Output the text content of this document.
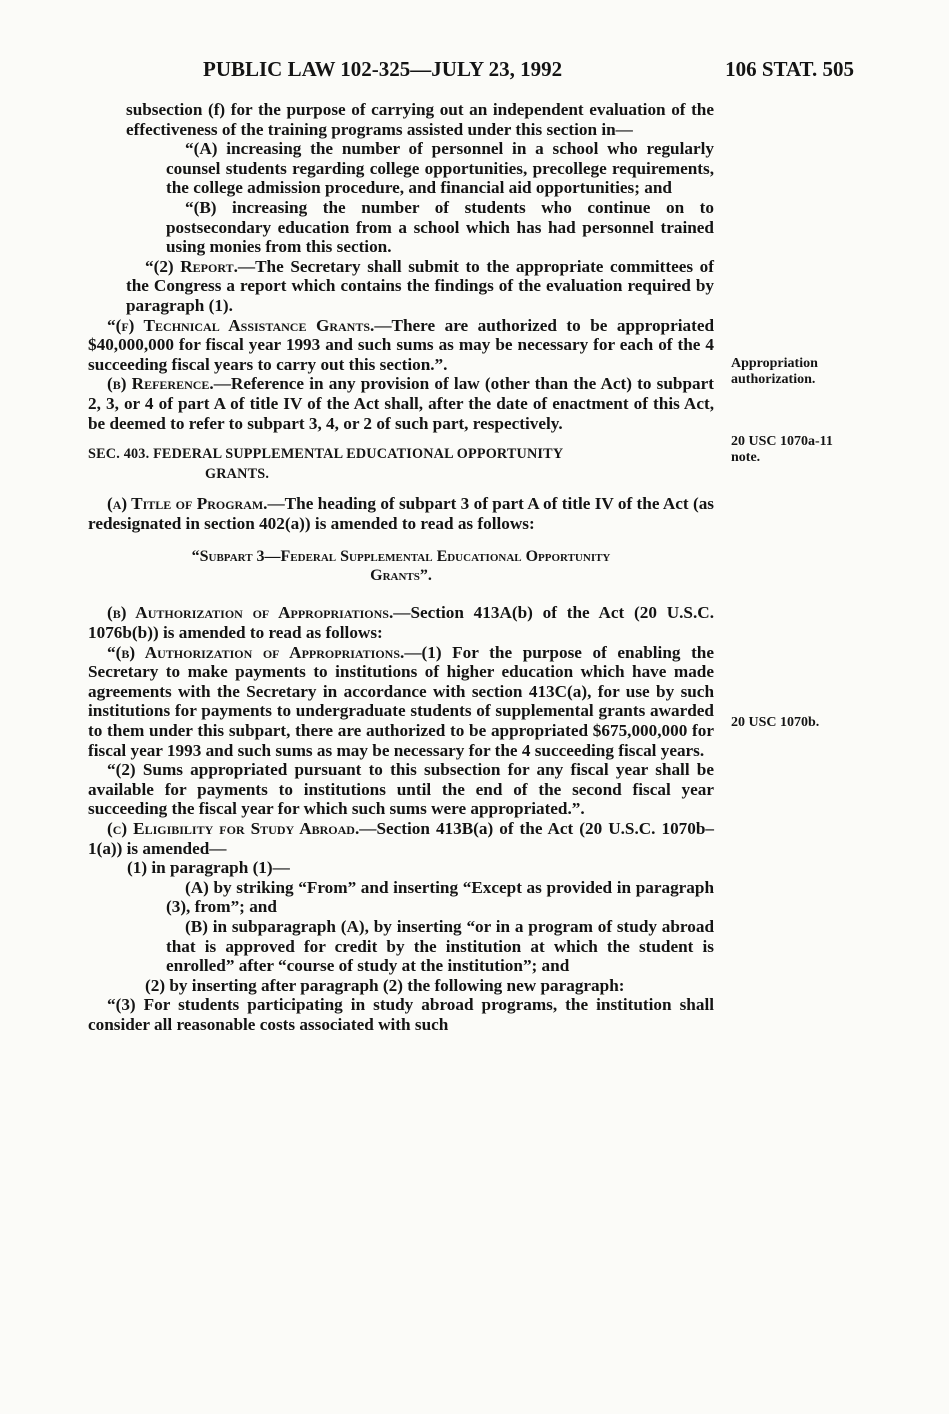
PUBLIC LAW 102-325—JULY 23, 1992	106 STAT. 505
Appropriation authorization.
20 USC 1070a-11 note.
20 USC 1070b.

subsection (f) for the purpose of carrying out an independent evaluation of the effectiveness of the training programs assisted under this section in—

“(A) increasing the number of personnel in a school who regularly counsel students regarding college opportunities, precollege requirements, the college admission procedure, and financial aid opportunities; and

“(B) increasing the number of students who continue on to postsecondary education from a school which has had personnel trained using monies from this section.

“(2) Report.—The Secretary shall submit to the appropriate committees of the Congress a report which contains the findings of the evaluation required by paragraph (1).

“(f) Technical Assistance Grants.—There are authorized to be appropriated $40,000,000 for fiscal year 1993 and such sums as may be necessary for each of the 4 succeeding fiscal years to carry out this section.”.

(b) Reference.—Reference in any provision of law (other than the Act) to subpart 2, 3, or 4 of part A of title IV of the Act shall, after the date of enactment of this Act, be deemed to refer to subpart 3, 4, or 2 of such part, respectively.

SEC. 403. FEDERAL SUPPLEMENTAL EDUCATIONAL OPPORTUNITY
GRANTS.

(a) Title of Program.—The heading of subpart 3 of part A of title IV of the Act (as redesignated in section 402(a)) is amended to read as follows:

“Subpart 3—Federal Supplemental Educational Opportunity
Grants”.

(b) Authorization of Appropriations.—Section 413A(b) of the Act (20 U.S.C. 1076b(b)) is amended to read as follows:

“(b) Authorization of Appropriations.—(1) For the purpose of enabling the Secretary to make payments to institutions of higher education which have made agreements with the Secretary in accordance with section 413C(a), for use by such institutions for payments to undergraduate students of supplemental grants awarded to them under this subpart, there are authorized to be appropriated $675,000,000 for fiscal year 1993 and such sums as may be necessary for the 4 succeeding fiscal years.

“(2) Sums appropriated pursuant to this subsection for any fiscal year shall be available for payments to institutions until the end of the second fiscal year succeeding the fiscal year for which such sums were appropriated.”.

(c) Eligibility for Study Abroad.—Section 413B(a) of the Act (20 U.S.C. 1070b–1(a)) is amended—

(1) in paragraph (1)—

(A) by striking “From” and inserting “Except as provided in paragraph (3), from”; and

(B) in subparagraph (A), by inserting “or in a program of study abroad that is approved for credit by the institution at which the student is enrolled” after “course of study at the institution”; and

(2) by inserting after paragraph (2) the following new paragraph:

“(3) For students participating in study abroad programs, the institution shall consider all reasonable costs associated with such
